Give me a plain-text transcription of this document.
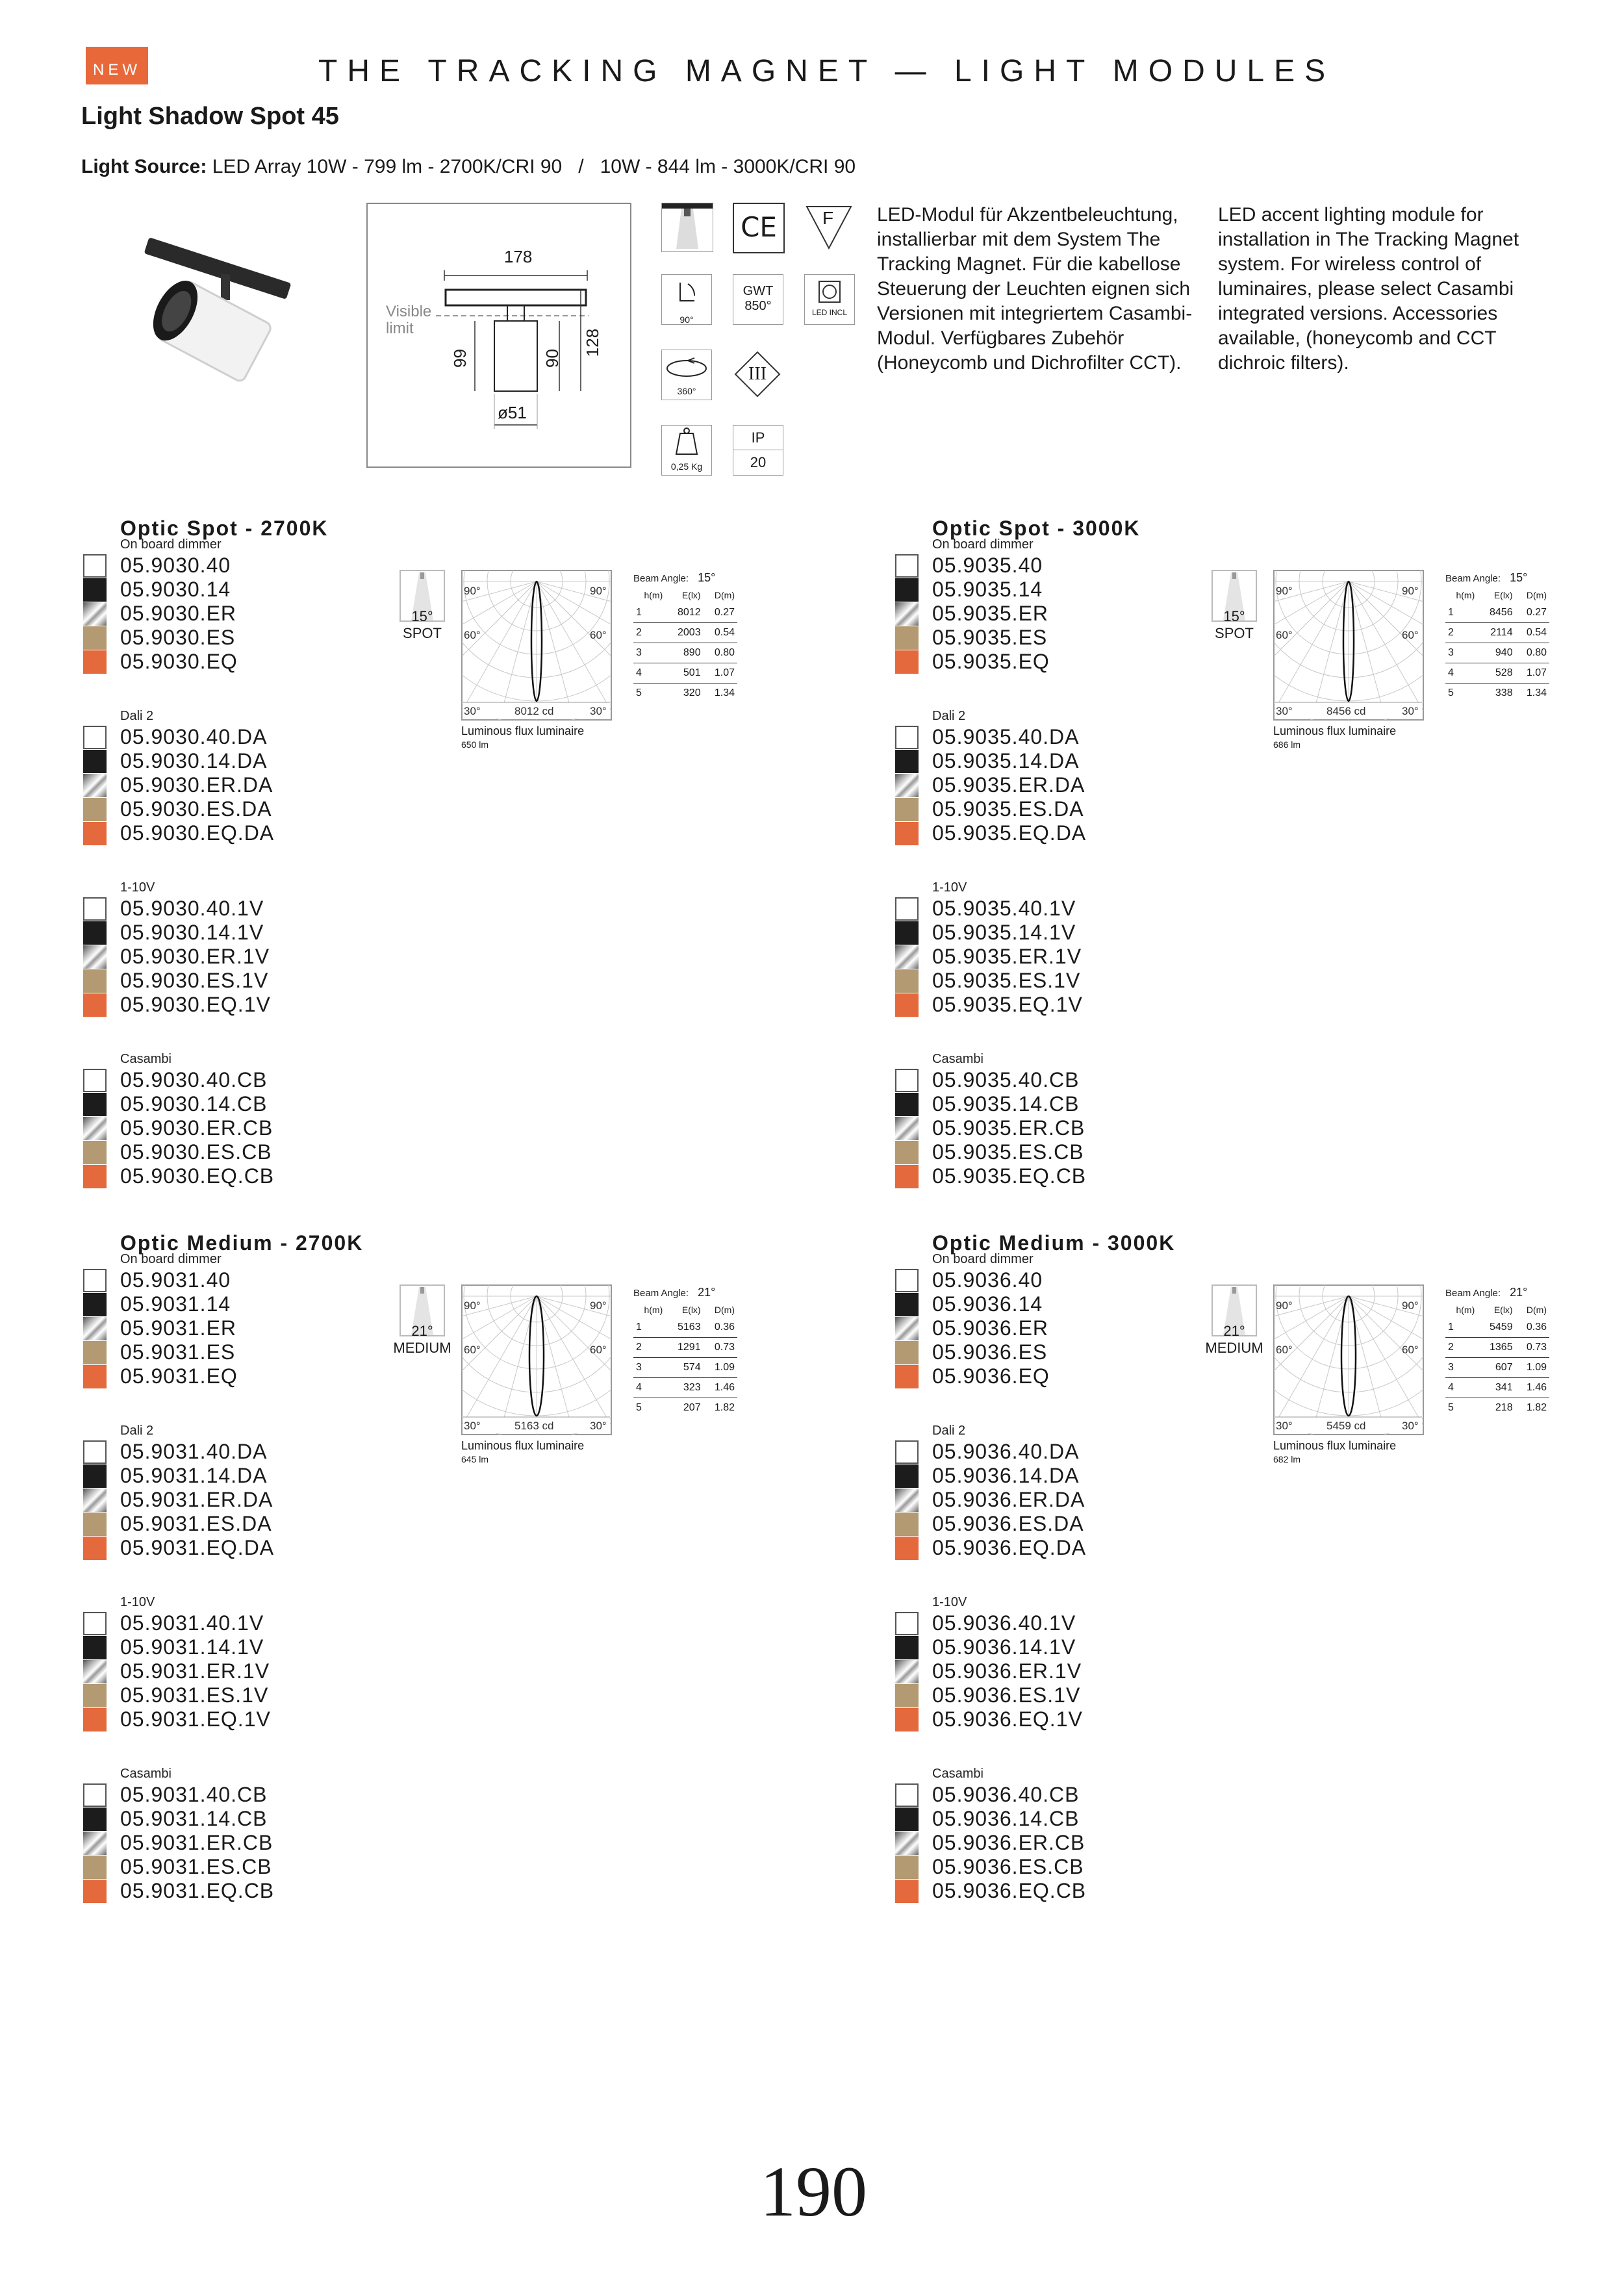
NEW	THE TRACKING MAGNET — LIGHT MODULES
Light Shadow Spot 45
Light Source: LED Array 10W - 799 lm - 2700K/CRI 90   /   10W - 844 lm - 3000K/CRI 90
178
Visible
limit
99	90
128
ø51
CE	F
90°
GWT
850°	LED INCL
360°
III
0,25 Kg
IP
20
LED-Modul für Akzentbeleuchtung, installierbar mit dem System The Tracking Magnet. Für die kabellose Steuerung der Leuchten eignen sich Versionen mit integriertem Casambi-Modul. Verfügbares Zubehör (Honeycomb und Dichrofilter CCT).
LED accent lighting module for installation in The Tracking Magnet system. For wireless control of luminaires, please select Casambi integrated versions. Accessories available, (honeycomb and CCT dichroic filters).
Optic Spot - 2700K
On board dimmer
05.9030.40
05.9030.14
05.9030.ER
05.9030.ES
05.9030.EQ
Dali 2
05.9030.40.DA
05.9030.14.DA
05.9030.ER.DA
05.9030.ES.DA
05.9030.EQ.DA
1-10V
05.9030.40.1V
05.9030.14.1V
05.9030.ER.1V
05.9030.ES.1V
05.9030.EQ.1V
Casambi
05.9030.40.CB
05.9030.14.CB
05.9030.ER.CB
05.9030.ES.CB
05.9030.EQ.CB
15°
SPOT
90°	90°
60°	60°
30°	30°
8012 cd
Luminous flux luminaire
650 lm
Beam Angle: 15°
h(m)	E(lx)	D(m)
1	8012	0.27
2	2003	0.54
3	890	0.80
4	501	1.07
5	320	1.34
Optic Spot - 3000K
On board dimmer
05.9035.40
05.9035.14
05.9035.ER
05.9035.ES
05.9035.EQ
Dali 2
05.9035.40.DA
05.9035.14.DA
05.9035.ER.DA
05.9035.ES.DA
05.9035.EQ.DA
1-10V
05.9035.40.1V
05.9035.14.1V
05.9035.ER.1V
05.9035.ES.1V
05.9035.EQ.1V
Casambi
05.9035.40.CB
05.9035.14.CB
05.9035.ER.CB
05.9035.ES.CB
05.9035.EQ.CB
15°
SPOT
90°	90°
60°	60°
30°	30°
8456 cd
Luminous flux luminaire
686 lm
Beam Angle: 15°
h(m)	E(lx)	D(m)
1	8456	0.27
2	2114	0.54
3	940	0.80
4	528	1.07
5	338	1.34
Optic Medium - 2700K
On board dimmer
05.9031.40
05.9031.14
05.9031.ER
05.9031.ES
05.9031.EQ
Dali 2
05.9031.40.DA
05.9031.14.DA
05.9031.ER.DA
05.9031.ES.DA
05.9031.EQ.DA
1-10V
05.9031.40.1V
05.9031.14.1V
05.9031.ER.1V
05.9031.ES.1V
05.9031.EQ.1V
Casambi
05.9031.40.CB
05.9031.14.CB
05.9031.ER.CB
05.9031.ES.CB
05.9031.EQ.CB
21°
MEDIUM
90°	90°
60°	60°
30°	30°
5163 cd
Luminous flux luminaire
645 lm
Beam Angle: 21°
h(m)	E(lx)	D(m)
1	5163	0.36
2	1291	0.73
3	574	1.09
4	323	1.46
5	207	1.82
Optic Medium - 3000K
On board dimmer
05.9036.40
05.9036.14
05.9036.ER
05.9036.ES
05.9036.EQ
Dali 2
05.9036.40.DA
05.9036.14.DA
05.9036.ER.DA
05.9036.ES.DA
05.9036.EQ.DA
1-10V
05.9036.40.1V
05.9036.14.1V
05.9036.ER.1V
05.9036.ES.1V
05.9036.EQ.1V
Casambi
05.9036.40.CB
05.9036.14.CB
05.9036.ER.CB
05.9036.ES.CB
05.9036.EQ.CB
21°
MEDIUM
90°	90°
60°	60°
30°	30°
5459 cd
Luminous flux luminaire
682 lm
Beam Angle: 21°
h(m)	E(lx)	D(m)
1	5459	0.36
2	1365	0.73
3	607	1.09
4	341	1.46
5	218	1.82
190
